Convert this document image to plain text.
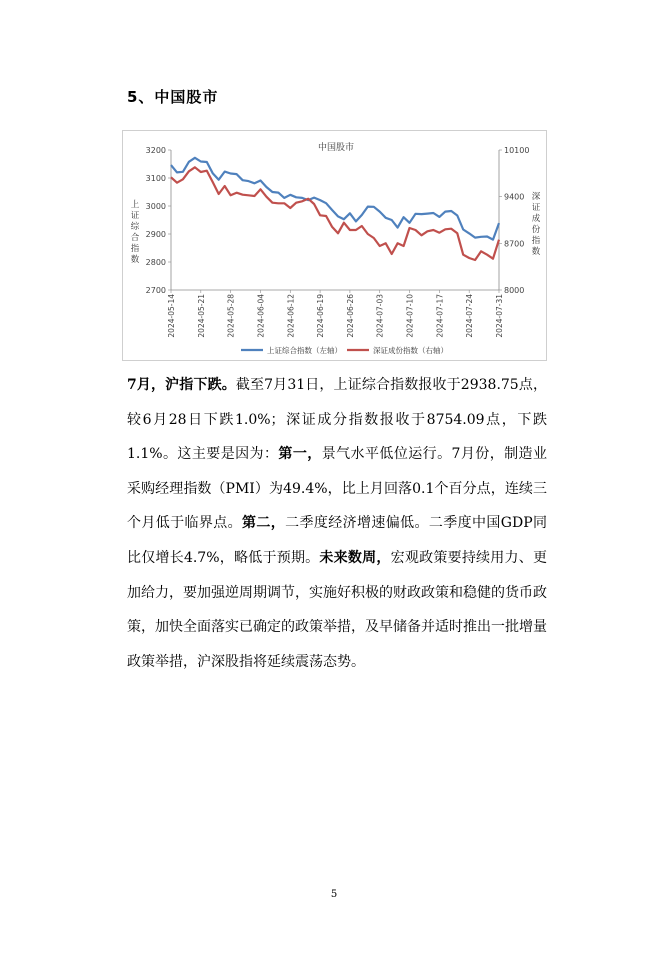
5、中国股市
中国股市
3200
3100
3000
2900
2800
2700
10100
9400
8700
8000
上证综合指数
深证成份指数
2024-05-14	2024-05-21	2024-05-28	2024-06-04	2024-06-12	2024-06-19	2024-06-26	2024-07-03	2024-07-10	2024-07-17	2024-07-24	2024-07-31
上证综合指数（左轴）	深证成份指数（右轴）
7月，沪指下跌。截至7月31日，上证综合指数报收于2938.75点，较6月28日下跌1.0%；深证成分指数报收于8754.09点，下跌1.1%。这主要是因为：第一，景气水平低位运行。7月份，制造业采购经理指数（PMI）为49.4%，比上月回落0.1个百分点，连续三个月低于临界点。第二，二季度经济增速偏低。二季度中国GDP同比仅增长4.7%，略低于预期。未来数周，宏观政策要持续用力、更加给力，要加强逆周期调节，实施好积极的财政政策和稳健的货币政策，加快全面落实已确定的政策举措，及早储备并适时推出一批增量政策举措，沪深股指将延续震荡态势。
5
